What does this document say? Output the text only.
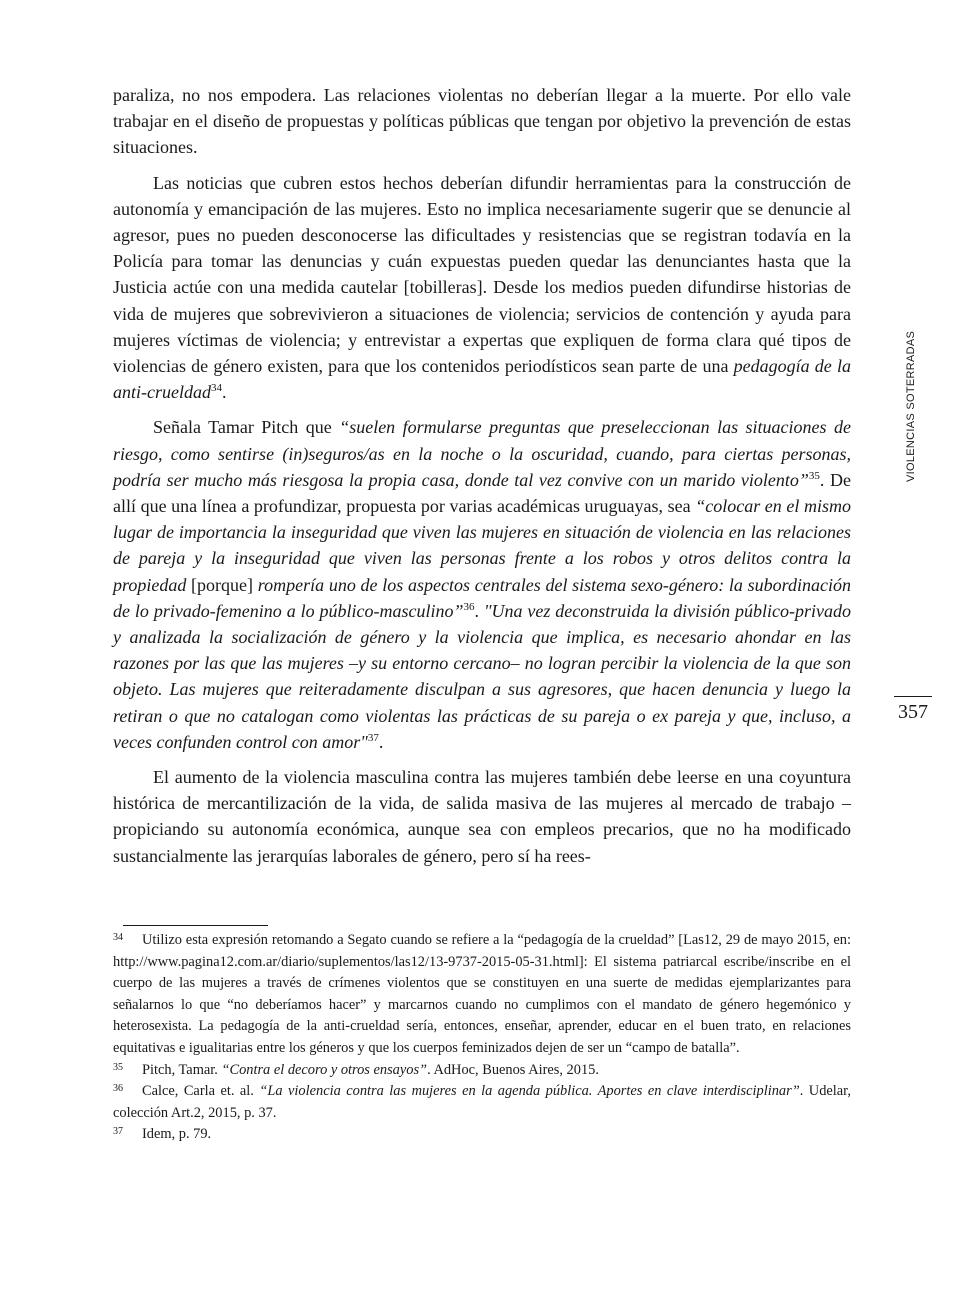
VIOLENCIAS SOTERRADAS
357

paraliza, no nos empodera. Las relaciones violentas no deberían llegar a la muerte. Por ello vale trabajar en el diseño de propuestas y políticas públicas que tengan por objetivo la prevención de estas situaciones.

Las noticias que cubren estos hechos deberían difundir herramientas para la construcción de autonomía y emancipación de las mujeres. Esto no implica necesariamente sugerir que se denuncie al agresor, pues no pueden desconocerse las dificultades y resistencias que se registran todavía en la Policía para tomar las denuncias y cuán expuestas pueden quedar las denunciantes hasta que la Justicia actúe con una medida cautelar [tobilleras]. Desde los medios pueden difundirse historias de vida de mujeres que sobrevivieron a situaciones de violencia; servicios de contención y ayuda para mujeres víctimas de violencia; y entrevistar a expertas que expliquen de forma clara qué tipos de violencias de género existen, para que los contenidos periodísticos sean parte de una pedagogía de la anti-crueldad$^{34}$.

Señala Tamar Pitch que “suelen formularse preguntas que preseleccionan las situaciones de riesgo, como sentirse (in)seguros/as en la noche o la oscuridad, cuando, para ciertas personas, podría ser mucho más riesgosa la propia casa, donde tal vez convive con un marido violento”$^{35}$. De allí que una línea a profundizar, propuesta por varias académicas uruguayas, sea “colocar en el mismo lugar de importancia la inseguridad que viven las mujeres en situación de violencia en las relaciones de pareja y la inseguridad que viven las personas frente a los robos y otros delitos contra la propiedad [porque] rompería uno de los aspectos centrales del sistema sexo-género: la subordinación de lo privado-femenino a lo público-masculino”$^{36}$. "Una vez deconstruida la división público-privado y analizada la socialización de género y la violencia que implica, es necesario ahondar en las razones por las que las mujeres –y su entorno cercano– no logran percibir la violencia de la que son objeto. Las mujeres que reiteradamente disculpan a sus agresores, que hacen denuncia y luego la retiran o que no catalogan como violentas las prácticas de su pareja o ex pareja y que, incluso, a veces confunden control con amor"$^{37}$.

El aumento de la violencia masculina contra las mujeres también debe leerse en una coyuntura histórica de mercantilización de la vida, de salida masiva de las mujeres al mercado de trabajo –propiciando su autonomía económica, aunque sea con empleos precarios, que no ha modificado sustancialmente las jerarquías laborales de género, pero sí ha rees-

34 Utilizo esta expresión retomando a Segato cuando se refiere a la “pedagogía de la crueldad” [Las12, 29 de mayo 2015, en: http://www.pagina12.com.ar/diario/suplementos/las12/13-9737-2015-05-31.html]: El sistema patriarcal escribe/inscribe en el cuerpo de las mujeres a través de crímenes violentos que se constituyen en una suerte de medidas ejemplarizantes para señalarnos lo que “no deberíamos hacer” y marcarnos cuando no cumplimos con el mandato de género hegemónico y heterosexista. La pedagogía de la anti-crueldad sería, entonces, enseñar, aprender, educar en el buen trato, en relaciones equitativas e igualitarias entre los géneros y que los cuerpos feminizados dejen de ser un “campo de batalla”.

35 Pitch, Tamar. “Contra el decoro y otros ensayos”. AdHoc, Buenos Aires, 2015.

36 Calce, Carla et. al. “La violencia contra las mujeres en la agenda pública. Aportes en clave interdisciplinar”. Udelar, colección Art.2, 2015, p. 37.

37 Idem, p. 79.
